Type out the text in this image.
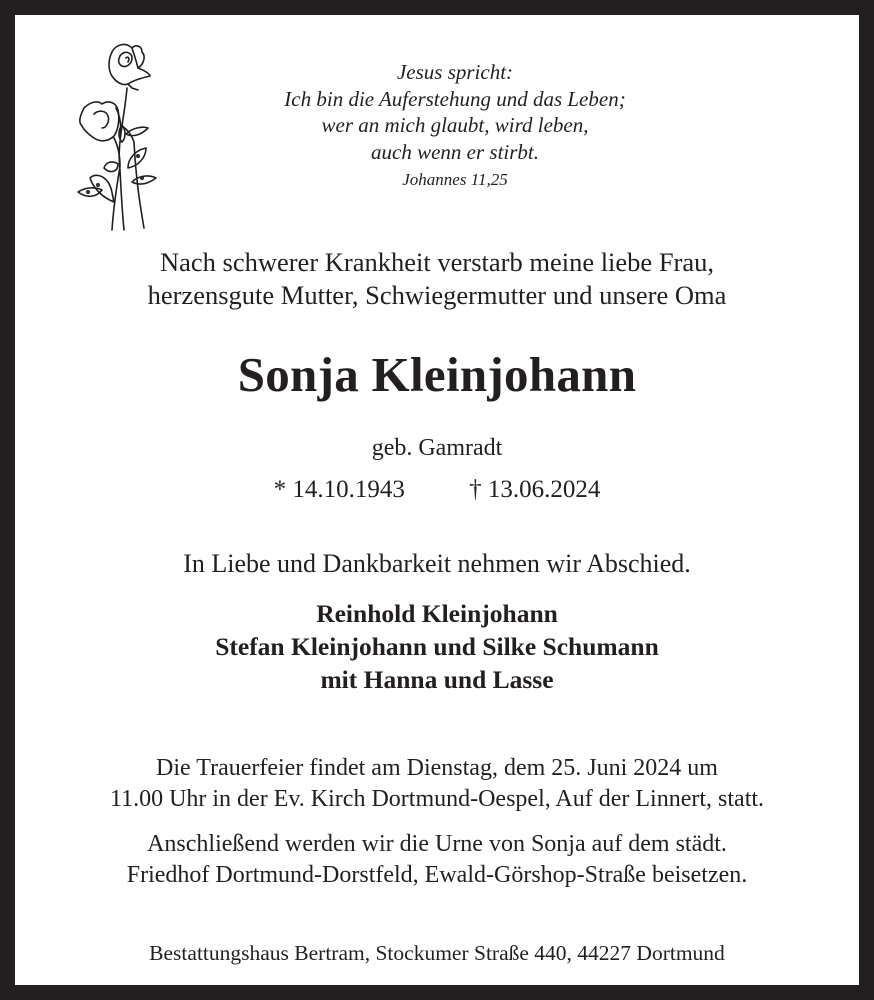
Jesus spricht:
Ich bin die Auferstehung und das Leben;
wer an mich glaubt, wird leben,
auch wenn er stirbt.
Johannes 11,25
Nach schwerer Krankheit verstarb meine liebe Frau,
herzensgute Mutter, Schwiegermutter und unsere Oma
Sonja Kleinjohann
geb. Gamradt
* 14.10.1943	† 13.06.2024
In Liebe und Dankbarkeit nehmen wir Abschied.
Reinhold Kleinjohann
Stefan Kleinjohann und Silke Schumann
mit Hanna und Lasse
Die Trauerfeier findet am Dienstag, dem 25. Juni 2024 um
11.00 Uhr in der Ev. Kirch Dortmund-Oespel, Auf der Linnert, statt.
Anschließend werden wir die Urne von Sonja auf dem städt.
Friedhof Dortmund-Dorstfeld, Ewald-Görshop-Straße beisetzen.
Bestattungshaus Bertram, Stockumer Straße 440, 44227 Dortmund
